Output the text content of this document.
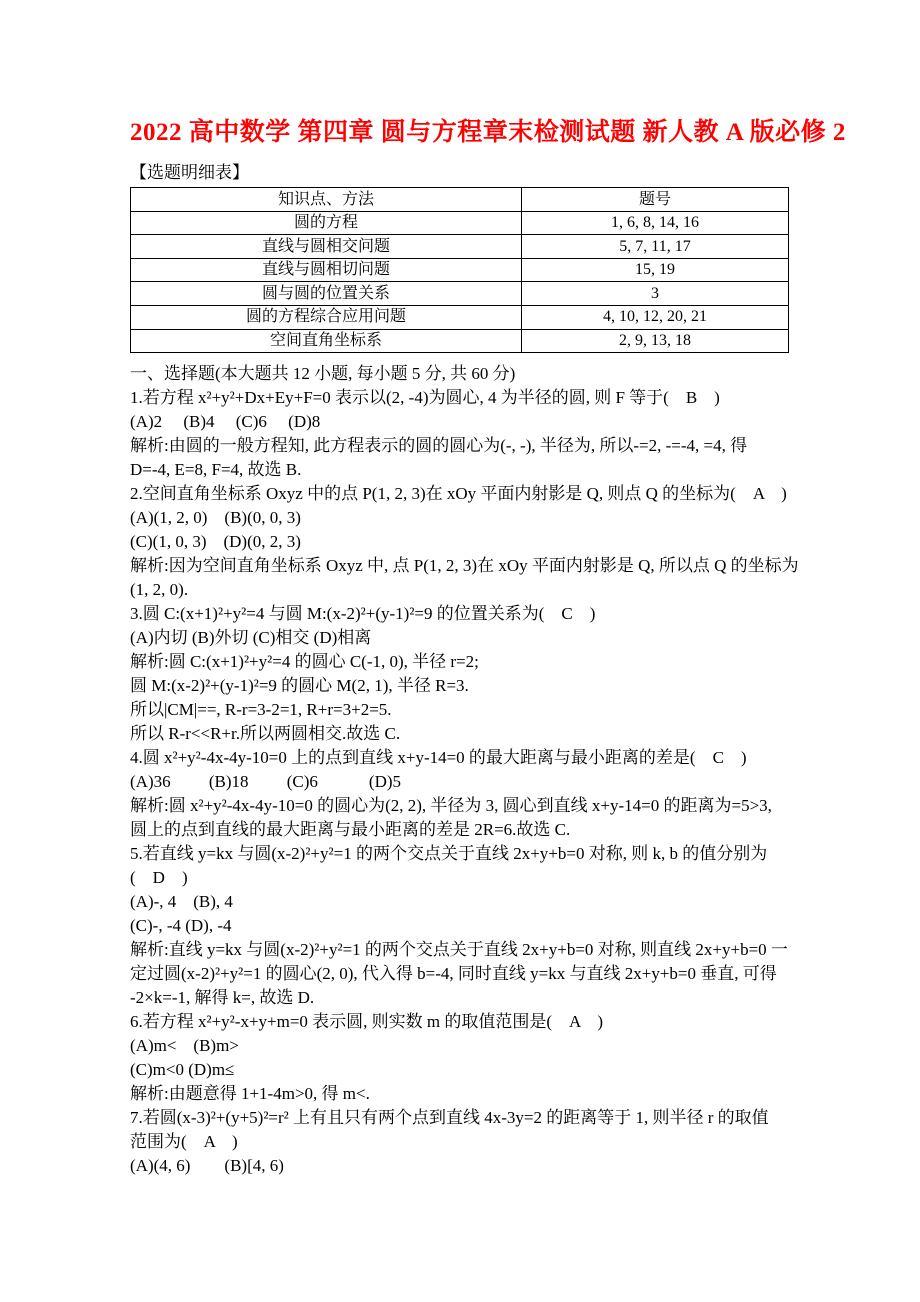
2022 高中数学 第四章 圆与方程章末检测试题 新人教 A 版必修 2
【选题明细表】
知识点、方法	题号
圆的方程	1, 6, 8, 14, 16
直线与圆相交问题	5, 7, 11, 17
直线与圆相切问题	15, 19
圆与圆的位置关系	3
圆的方程综合应用问题	4, 10, 12, 20, 21
空间直角坐标系	2, 9, 13, 18
一、选择题(本大题共 12 小题, 每小题 5 分, 共 60 分)
1.若方程 x²+y²+Dx+Ey+F=0 表示以(2, -4)为圆心, 4 为半径的圆, 则 F 等于(　B　)
(A)2　 (B)4　 (C)6　 (D)8
解析:由圆的一般方程知, 此方程表示的圆的圆心为(-, -), 半径为, 所以-=2, -=-4, =4, 得
D=-4, E=8, F=4, 故选 B.
2.空间直角坐标系 Oxyz 中的点 P(1, 2, 3)在 xOy 平面内射影是 Q, 则点 Q 的坐标为(　A　)
(A)(1, 2, 0)　(B)(0, 0, 3)
(C)(1, 0, 3)　(D)(0, 2, 3)
解析:因为空间直角坐标系 Oxyz 中, 点 P(1, 2, 3)在 xOy 平面内射影是 Q, 所以点 Q 的坐标为
(1, 2, 0).
3.圆 C:(x+1)²+y²=4 与圆 M:(x-2)²+(y-1)²=9 的位置关系为(　C　)
(A)内切 (B)外切 (C)相交 (D)相离
解析:圆 C:(x+1)²+y²=4 的圆心 C(-1, 0), 半径 r=2;
圆 M:(x-2)²+(y-1)²=9 的圆心 M(2, 1), 半径 R=3.
所以|CM|==, R-r=3-2=1, R+r=3+2=5.
所以 R-r<<R+r.所以两圆相交.故选 C.
4.圆 x²+y²-4x-4y-10=0 上的点到直线 x+y-14=0 的最大距离与最小距离的差是(　C　)
(A)36　　 (B)18　　 (C)6　　　(D)5
解析:圆 x²+y²-4x-4y-10=0 的圆心为(2, 2), 半径为 3, 圆心到直线 x+y-14=0 的距离为=5>3,
圆上的点到直线的最大距离与最小距离的差是 2R=6.故选 C.
5.若直线 y=kx 与圆(x-2)²+y²=1 的两个交点关于直线 2x+y+b=0 对称, 则 k, b 的值分别为
(　D　)
(A)-, 4　(B), 4
(C)-, -4 (D), -4
解析:直线 y=kx 与圆(x-2)²+y²=1 的两个交点关于直线 2x+y+b=0 对称, 则直线 2x+y+b=0 一
定过圆(x-2)²+y²=1 的圆心(2, 0), 代入得 b=-4, 同时直线 y=kx 与直线 2x+y+b=0 垂直, 可得
-2×k=-1, 解得 k=, 故选 D.
6.若方程 x²+y²-x+y+m=0 表示圆, 则实数 m 的取值范围是(　A　)
(A)m<　(B)m>
(C)m<0 (D)m≤
解析:由题意得 1+1-4m>0, 得 m<.
7.若圆(x-3)²+(y+5)²=r² 上有且只有两个点到直线 4x-3y=2 的距离等于 1, 则半径 r 的取值
范围为(　A　)
(A)(4, 6)　　(B)[4, 6)
